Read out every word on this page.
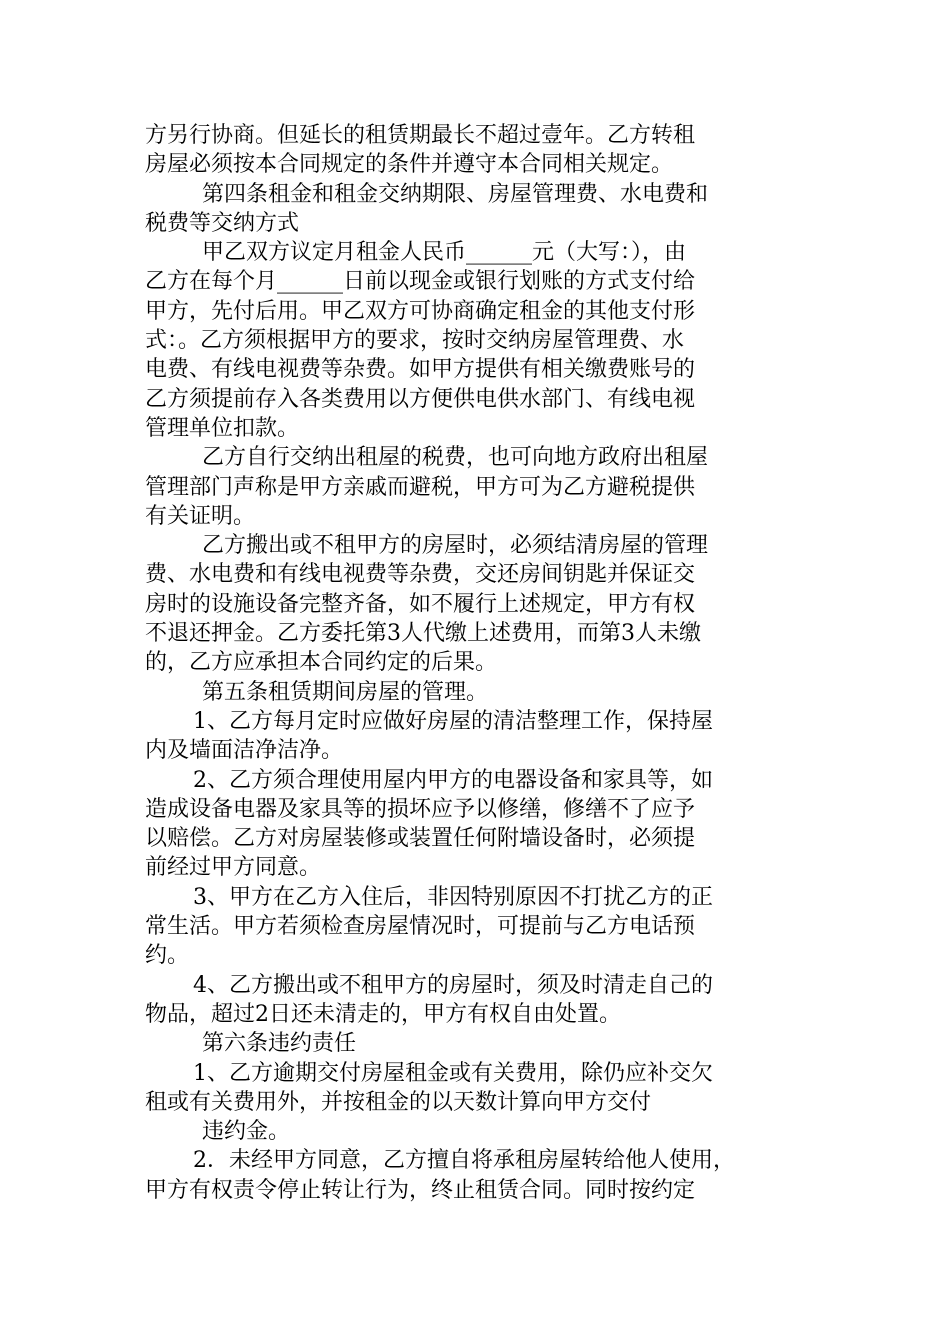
方另行协商。但延长的租赁期最长不超过壹年。乙方转租
房屋必须按本合同规定的条件并遵守本合同相关规定。
第四条租金和租金交纳期限、房屋管理费、水电费和
税费等交纳方式
甲乙双方议定月租金人民币______元（大写：），由
乙方在每个月______日前以现金或银行划账的方式支付给
甲方，先付后用。甲乙双方可协商确定租金的其他支付形
式：。乙方须根据甲方的要求，按时交纳房屋管理费、水
电费、有线电视费等杂费。如甲方提供有相关缴费账号的
乙方须提前存入各类费用以方便供电供水部门、有线电视
管理单位扣款。
乙方自行交纳出租屋的税费，也可向地方政府出租屋
管理部门声称是甲方亲戚而避税，甲方可为乙方避税提供
有关证明。
乙方搬出或不租甲方的房屋时，必须结清房屋的管理
费、水电费和有线电视费等杂费，交还房间钥匙并保证交
房时的设施设备完整齐备，如不履行上述规定，甲方有权
不退还押金。乙方委托第3人代缴上述费用，而第3人未缴
的，乙方应承担本合同约定的后果。
第五条租赁期间房屋的管理。
1、乙方每月定时应做好房屋的清洁整理工作，保持屋
内及墙面洁净洁净。
2、乙方须合理使用屋内甲方的电器设备和家具等，如
造成设备电器及家具等的损坏应予以修缮，修缮不了应予
以赔偿。乙方对房屋装修或装置任何附墙设备时，必须提
前经过甲方同意。
3、甲方在乙方入住后，非因特别原因不打扰乙方的正
常生活。甲方若须检查房屋情况时，可提前与乙方电话预
约。
4、乙方搬出或不租甲方的房屋时，须及时清走自己的
物品，超过2日还未清走的，甲方有权自由处置。
第六条违约责任
1、乙方逾期交付房屋租金或有关费用，除仍应补交欠
租或有关费用外，并按租金的以天数计算向甲方交付
违约金。
2．未经甲方同意，乙方擅自将承租房屋转给他人使用，
甲方有权责令停止转让行为，终止租赁合同。同时按约定
